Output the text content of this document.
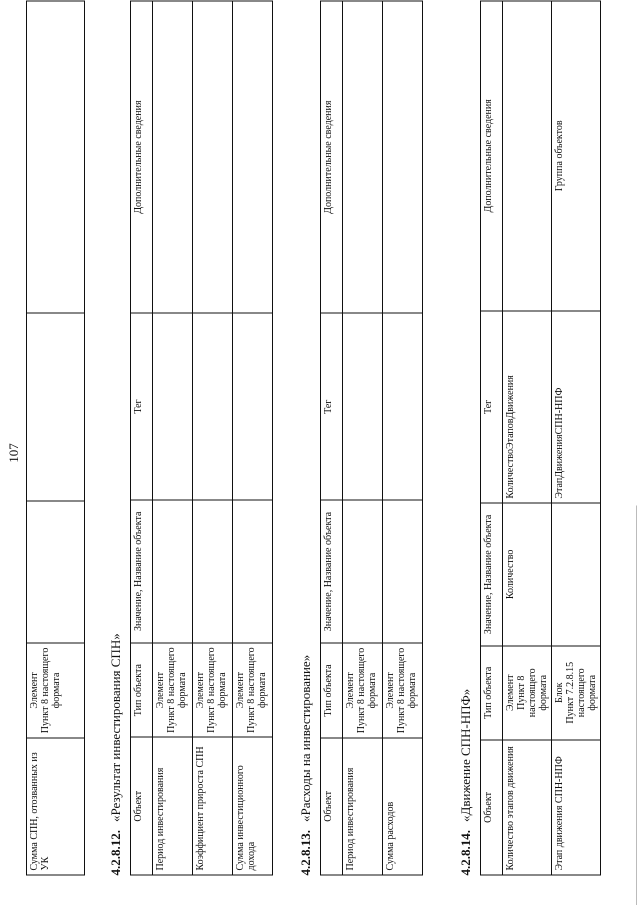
107
Сумма СПН, отозванных из УК	Элемент
Пункт 8 настоящего
формата			
4.2.8.12.«Результат инвестирования СПН» Объект	Тип объекта	Значение, Название объекта	Тег	Дополнительные сведения
Период инвестирования	Элемент
Пункт 8 настоящего
формата			
Коэффициент прироста СПН	Элемент
Пункт 8 настоящего
формата			
Сумма инвестиционного дохода	Элемент
Пункт 8 настоящего
формата			
4.2.8.13.«Расходы на инвестирование» Объект	Тип объекта	Значение, Название объекта	Тег	Дополнительные сведения
Период инвестирования	Элемент
Пункт 8 настоящего
формата			
Сумма расходов	Элемент
Пункт 8 настоящего
формата			
4.2.8.14.«Движение СПН-НПФ» Объект	Тип объекта	Значение, Название объекта	Тег	Дополнительные сведения
Количество этапов движения	Элемент
Пункт 8 настоящего
формата	Количество	КоличествоЭтаповДвижения	
Этап движения СПН-НПФ	Блок
Пункт 7.2.8.15
настоящего формата		ЭтапДвиженияСПН-НПФ	Группа объектов
